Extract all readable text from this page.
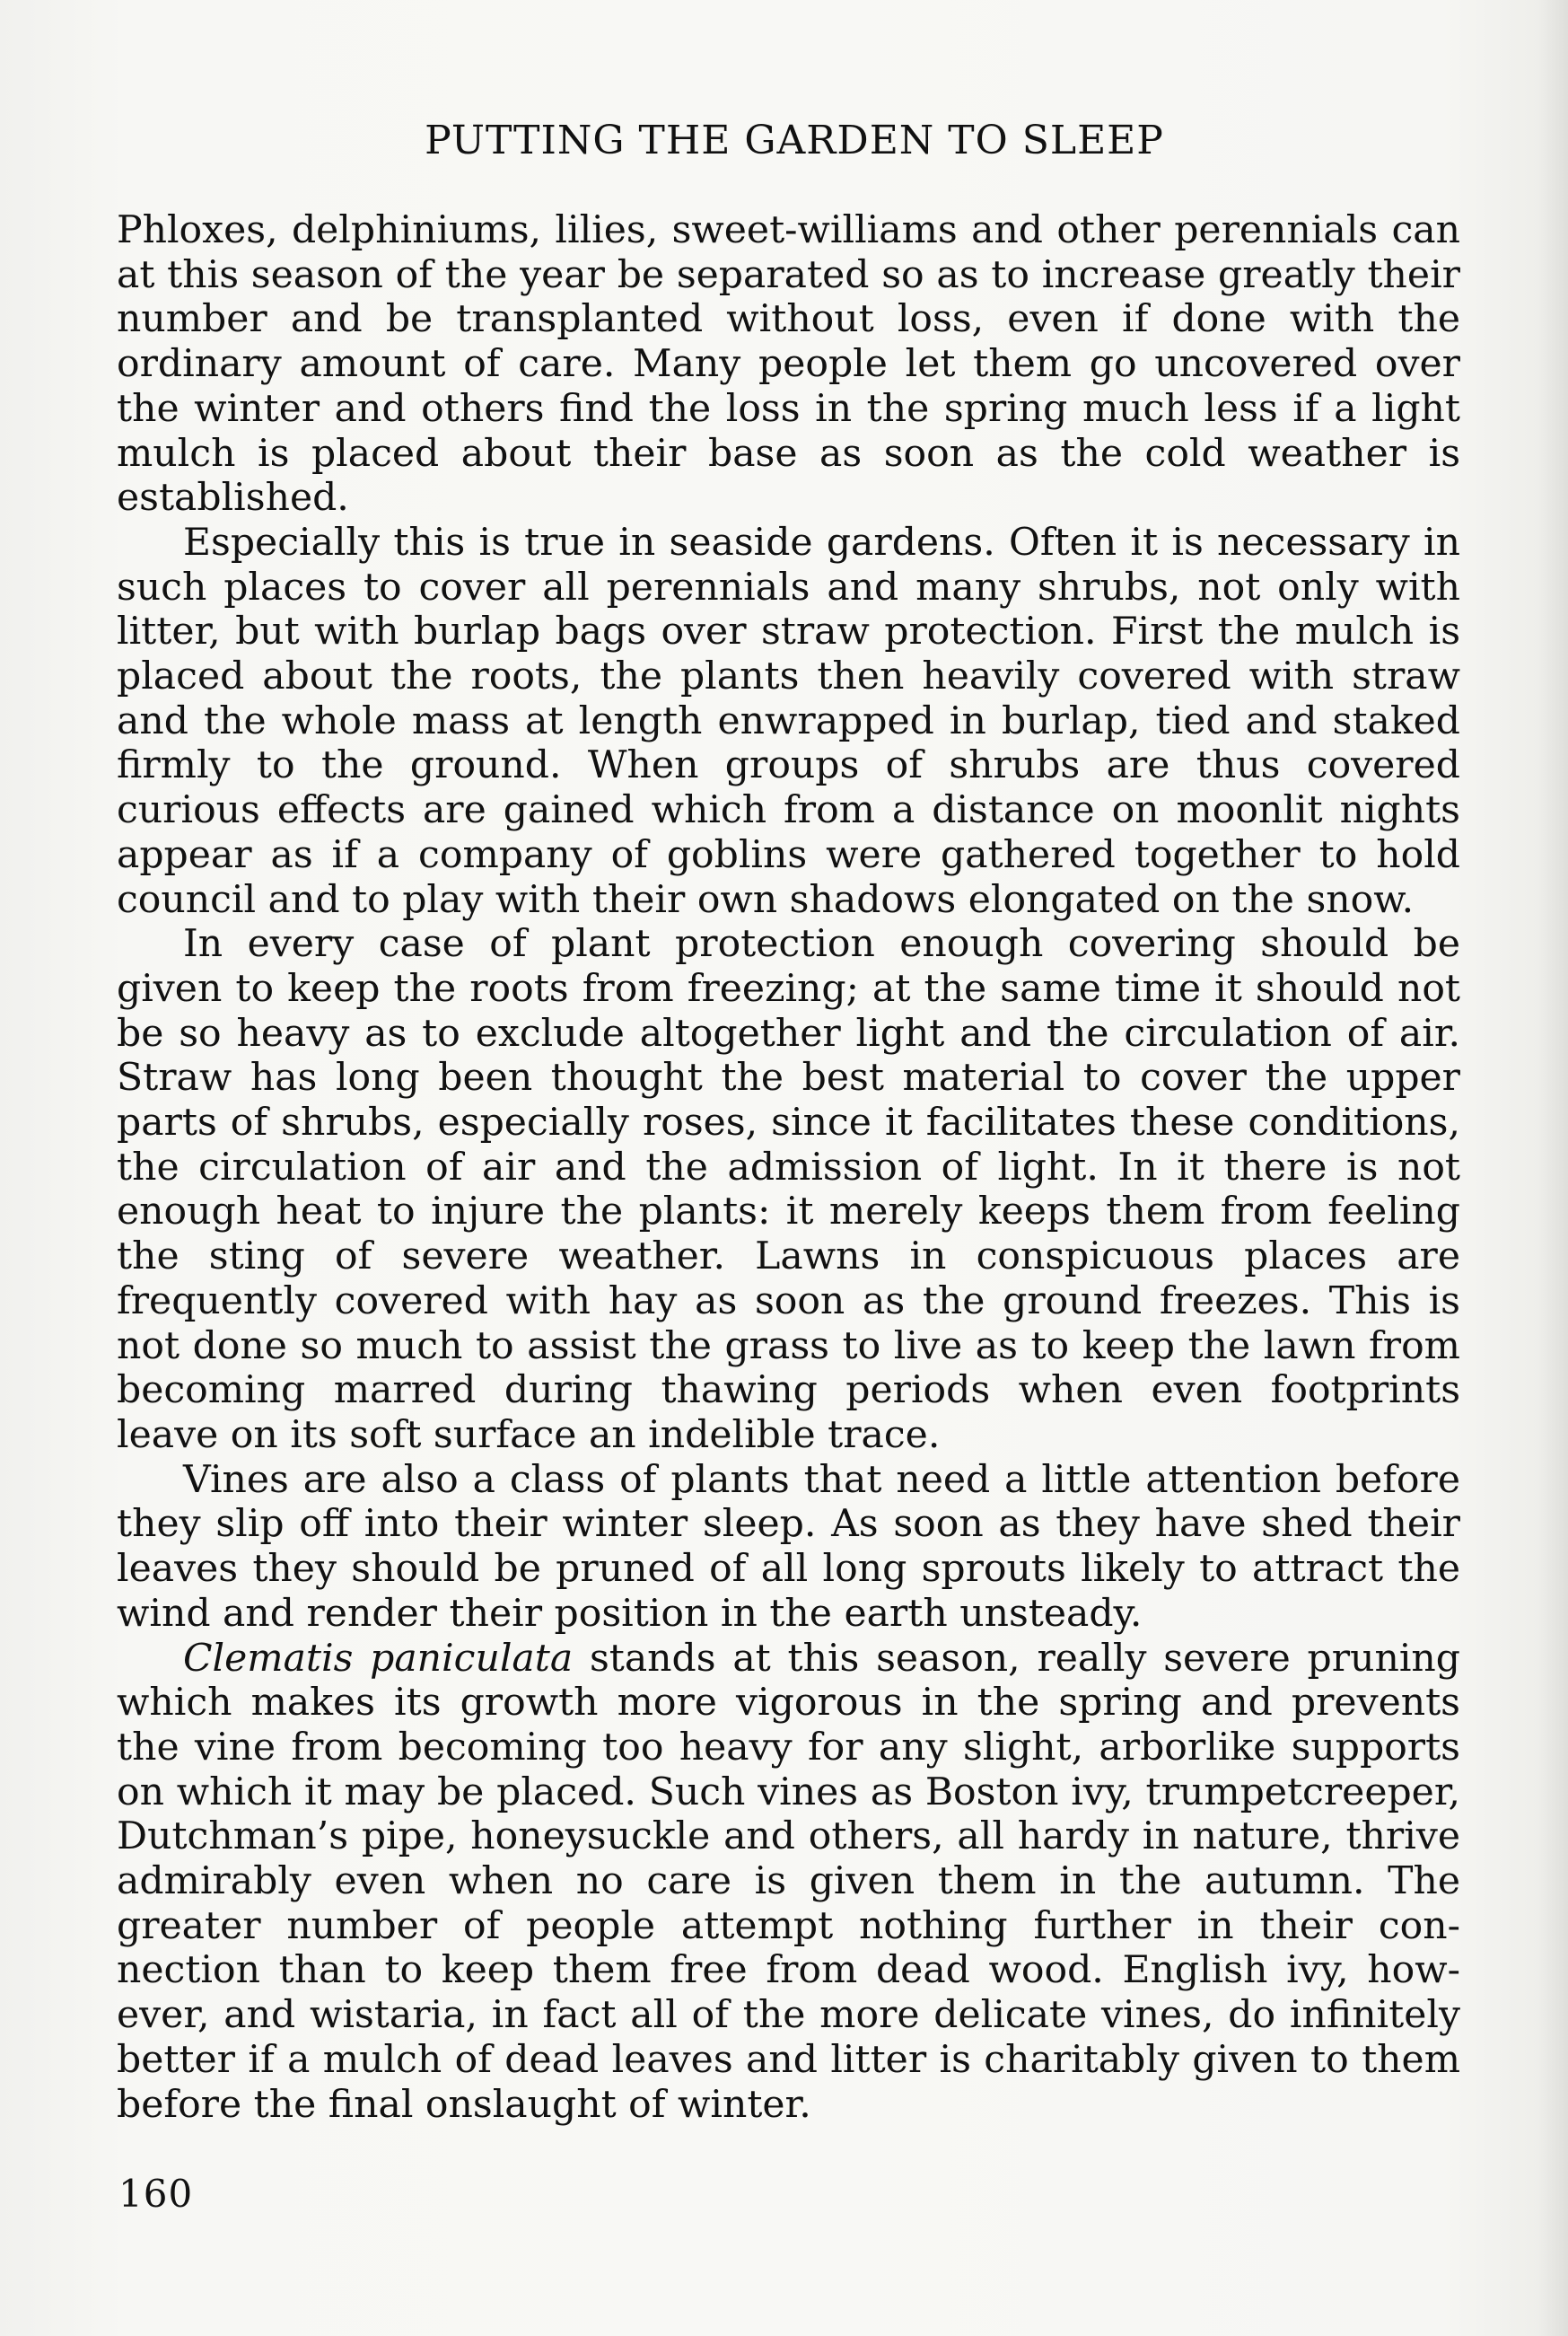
PUTTING THE GARDEN TO SLEEP

Phloxes, delphiniums, lilies, sweet-williams and other perennials can at this season of the year be separated so as to increase greatly their number and be transplanted without loss, even if done with the ordinary amount of care. Many people let them go uncovered over the winter and others find the loss in the spring much less if a light mulch is placed about their base as soon as the cold weather is established.

Especially this is true in seaside gardens. Often it is necessary in such places to cover all perennials and many shrubs, not only with litter, but with burlap bags over straw protection. First the mulch is placed about the roots, the plants then heavily covered with straw and the whole mass at length enwrapped in burlap, tied and staked firmly to the ground. When groups of shrubs are thus covered curious effects are gained which from a distance on moonlit nights appear as if a company of goblins were gathered together to hold council and to play with their own shadows elongated on the snow.

In every case of plant protection enough covering should be given to keep the roots from freezing; at the same time it should not be so heavy as to exclude altogether light and the circulation of air. Straw has long been thought the best material to cover the upper parts of shrubs, especially roses, since it facilitates these conditions, the circulation of air and the admission of light. In it there is not enough heat to injure the plants: it merely keeps them from feeling the sting of severe weather. Lawns in conspicuous places are frequently covered with hay as soon as the ground freezes. This is not done so much to assist the grass to live as to keep the lawn from becoming marred during thawing periods when even footprints leave on its soft surface an indelible trace.

Vines are also a class of plants that need a little attention before they slip off into their winter sleep. As soon as they have shed their leaves they should be pruned of all long sprouts likely to attract the wind and render their position in the earth unsteady.

Clematis paniculata stands at this season, really severe pruning which makes its growth more vigorous in the spring and prevents the vine from becoming too heavy for any slight, arborlike supports on which it may be placed. Such vines as Boston ivy, trumpetcreeper, Dutchman’s pipe, honeysuckle and others, all hardy in nature, thrive admirably even when no care is given them in the autumn. The greater number of people attempt nothing further in their connection than to keep them free from dead wood. English ivy, however, and wistaria, in fact all of the more delicate vines, do infinitely better if a mulch of dead leaves and litter is charitably given to them before the final onslaught of winter.

160
